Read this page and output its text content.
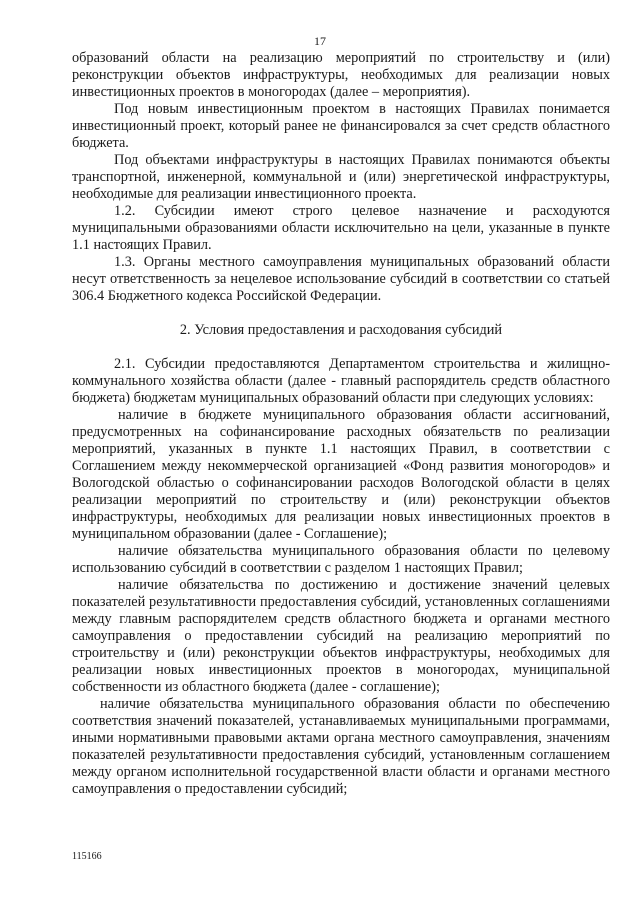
17

образований области на реализацию мероприятий по строительству и (или) реконструкции объектов инфраструктуры, необходимых для реализации новых инвестиционных проектов в моногородах (далее – мероприятия).

Под новым инвестиционным проектом в настоящих Правилах понимается инвестиционный проект, который ранее не финансировался за счет средств областного бюджета.

Под объектами инфраструктуры в настоящих Правилах понимаются объекты транспортной, инженерной, коммунальной и (или) энергетической инфраструктуры, необходимые для реализации инвестиционного проекта.

1.2. Субсидии имеют строго целевое назначение и расходуются муниципальными образованиями области исключительно на цели, указанные в пункте 1.1 настоящих Правил.

1.3. Органы местного самоуправления муниципальных образований области несут ответственность за нецелевое использование субсидий в соответствии со статьей 306.4 Бюджетного кодекса Российской Федерации.

2. Условия предоставления и расходования субсидий

2.1. Субсидии предоставляются Департаментом строительства и жилищно-коммунального хозяйства области (далее - главный распорядитель средств областного бюджета) бюджетам муниципальных образований области при следующих условиях:

наличие в бюджете муниципального образования области ассигнований, предусмотренных на софинансирование расходных обязательств по реализации мероприятий, указанных в пункте 1.1 настоящих Правил, в соответствии с Соглашением между некоммерческой организацией «Фонд развития моногородов» и Вологодской областью о софинансировании расходов Вологодской области в целях реализации мероприятий по строительству и (или) реконструкции объектов инфраструктуры, необходимых для реализации новых инвестиционных проектов в муниципальном образовании (далее - Соглашение);

наличие обязательства муниципального образования области по целевому использованию субсидий в соответствии с разделом 1 настоящих Правил;

наличие обязательства по достижению и достижение значений целевых показателей результативности предоставления субсидий, установленных соглашениями между главным распорядителем средств областного бюджета и органами местного самоуправления о предоставлении субсидий на реализацию мероприятий по строительству и (или) реконструкции объектов инфраструктуры, необходимых для реализации новых инвестиционных проектов в моногородах, муниципальной собственности из областного бюджета (далее - соглашение);

наличие обязательства муниципального образования области по обеспечению соответствия значений показателей, устанавливаемых муниципальными программами, иными нормативными правовыми актами органа местного самоуправления, значениям показателей результативности предоставления субсидий, установленным соглашением между органом исполнительной государственной власти области и органами местного самоуправления о предоставлении субсидий;

115166
